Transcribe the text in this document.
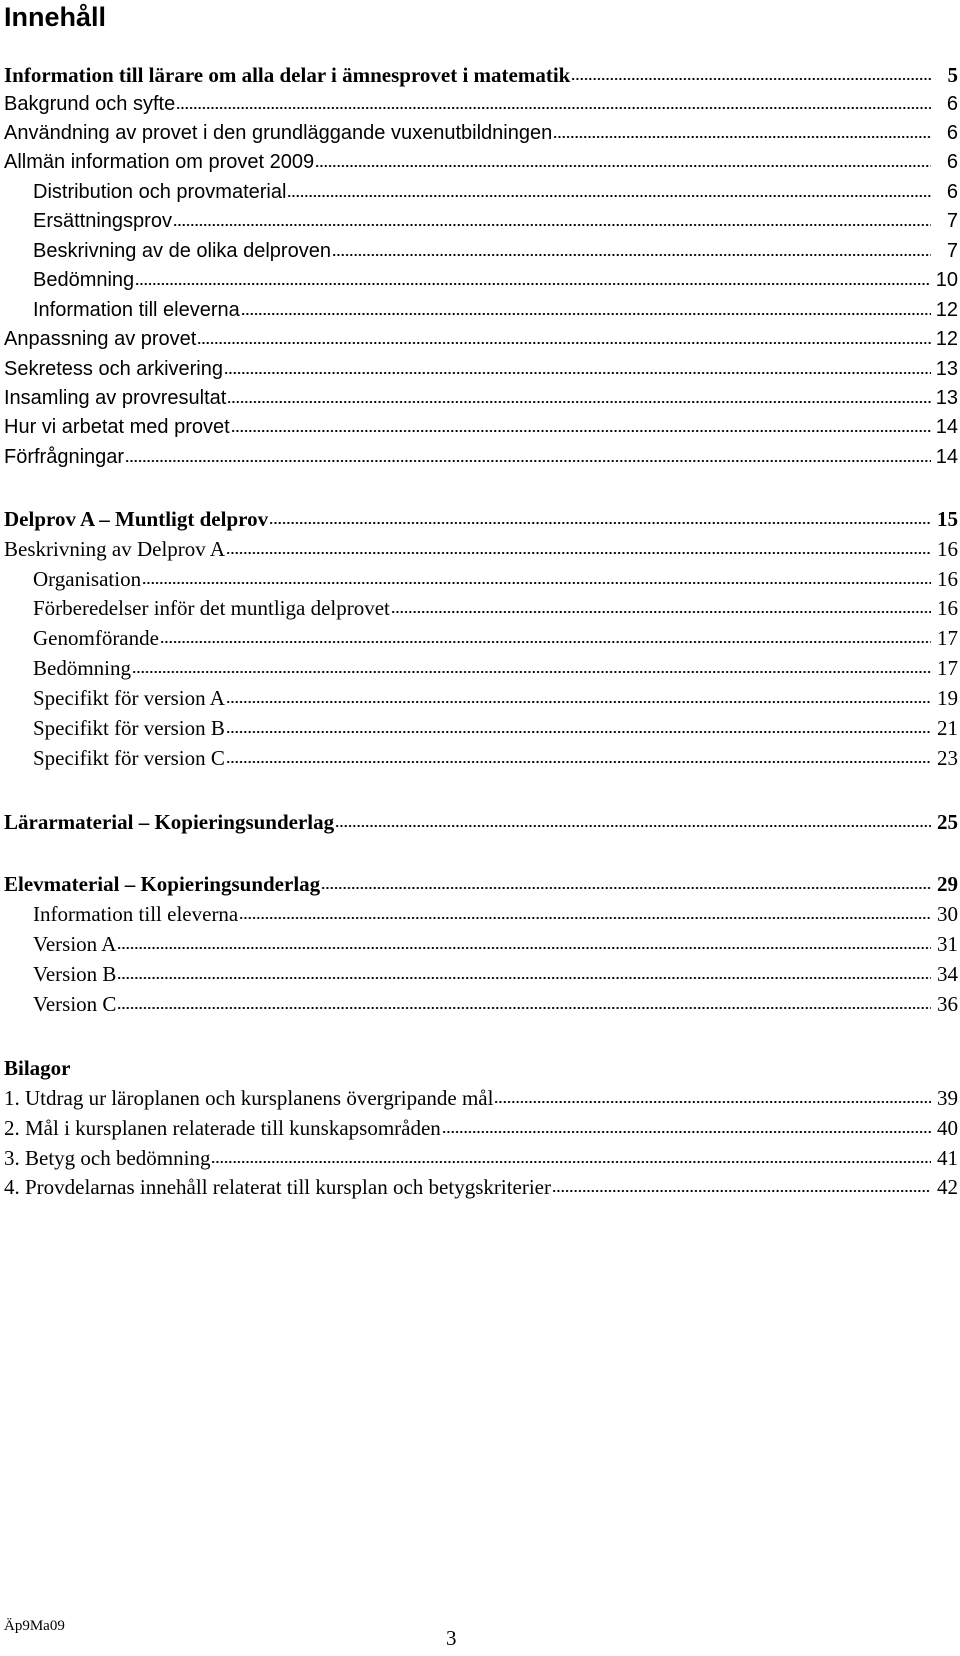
Innehåll
Information till lärare om alla delar i ämnesprovet i matematik	5
Bakgrund och syfte	6
Användning av provet i den grundläggande vuxenutbildningen	6
Allmän information om provet 2009	6
Distribution och provmaterial	6
Ersättningsprov	7
Beskrivning av de olika delproven	7
Bedömning	10
Information till eleverna	12
Anpassning av provet	12
Sekretess och arkivering	13
Insamling av provresultat	13
Hur vi arbetat med provet	14
Förfrågningar	14
Delprov A – Muntligt delprov	15
Beskrivning av Delprov A	16
Organisation	16
Förberedelser inför det muntliga delprovet	16
Genomförande	17
Bedömning	17
Specifikt för version A	19
Specifikt för version B	21
Specifikt för version C	23
Lärarmaterial – Kopieringsunderlag	25
Elevmaterial – Kopieringsunderlag	29
Information till eleverna	30
Version A	31
Version B	34
Version C	36
Bilagor
1. Utdrag ur läroplanen och kursplanens övergripande mål	39
2. Mål i kursplanen relaterade till kunskapsområden	40
3. Betyg och bedömning	41
4. Provdelarnas innehåll relaterat till kursplan och betygskriterier	42
Äp9Ma09	3
